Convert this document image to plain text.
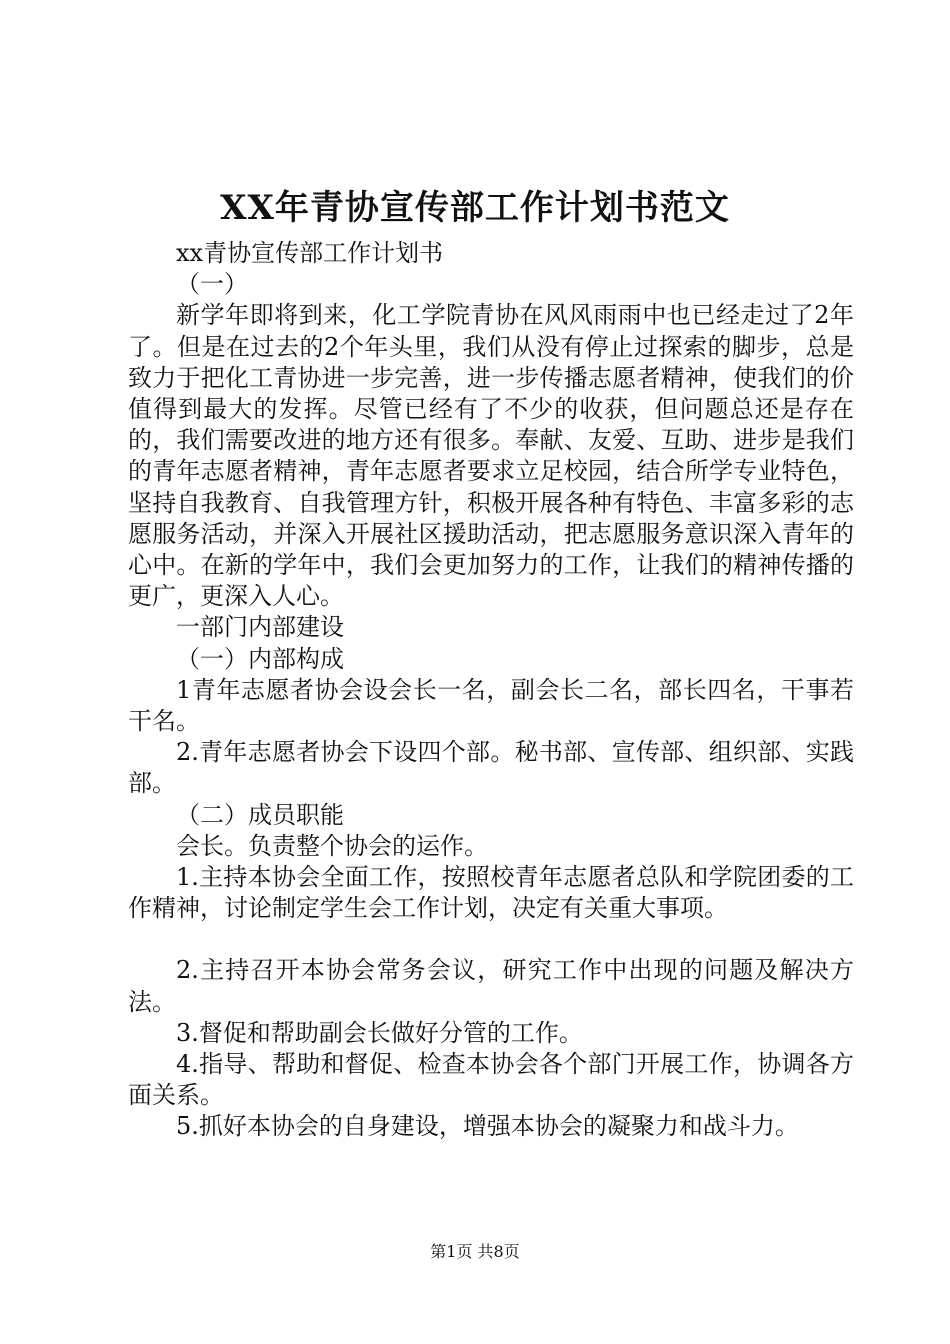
XX年青协宣传部工作计划书范文

xx青协宣传部工作计划书

（一）

新学年即将到来，化工学院青协在风风雨雨中也已经走过了2年了。但是在过去的2个年头里，我们从没有停止过探索的脚步，总是致力于把化工青协进一步完善，进一步传播志愿者精神，使我们的价值得到最大的发挥。尽管已经有了不少的收获，但问题总还是存在的，我们需要改进的地方还有很多。奉献、友爱、互助、进步是我们的青年志愿者精神，青年志愿者要求立足校园，结合所学专业特色，坚持自我教育、自我管理方针，积极开展各种有特色、丰富多彩的志愿服务活动，并深入开展社区援助活动，把志愿服务意识深入青年的心中。在新的学年中，我们会更加努力的工作，让我们的精神传播的更广，更深入人心。

一部门内部建设

（一）内部构成

1青年志愿者协会设会长一名，副会长二名，部长四名，干事若干名。

2.青年志愿者协会下设四个部。秘书部、宣传部、组织部、实践部。

（二）成员职能

会长。负责整个协会的运作。

1.主持本协会全面工作，按照校青年志愿者总队和学院团委的工作精神，讨论制定学生会工作计划，决定有关重大事项。

2.主持召开本协会常务会议，研究工作中出现的问题及解决方法。

3.督促和帮助副会长做好分管的工作。

4.指导、帮助和督促、检查本协会各个部门开展工作，协调各方面关系。

5.抓好本协会的自身建设，增强本协会的凝聚力和战斗力。

第1页 共8页
